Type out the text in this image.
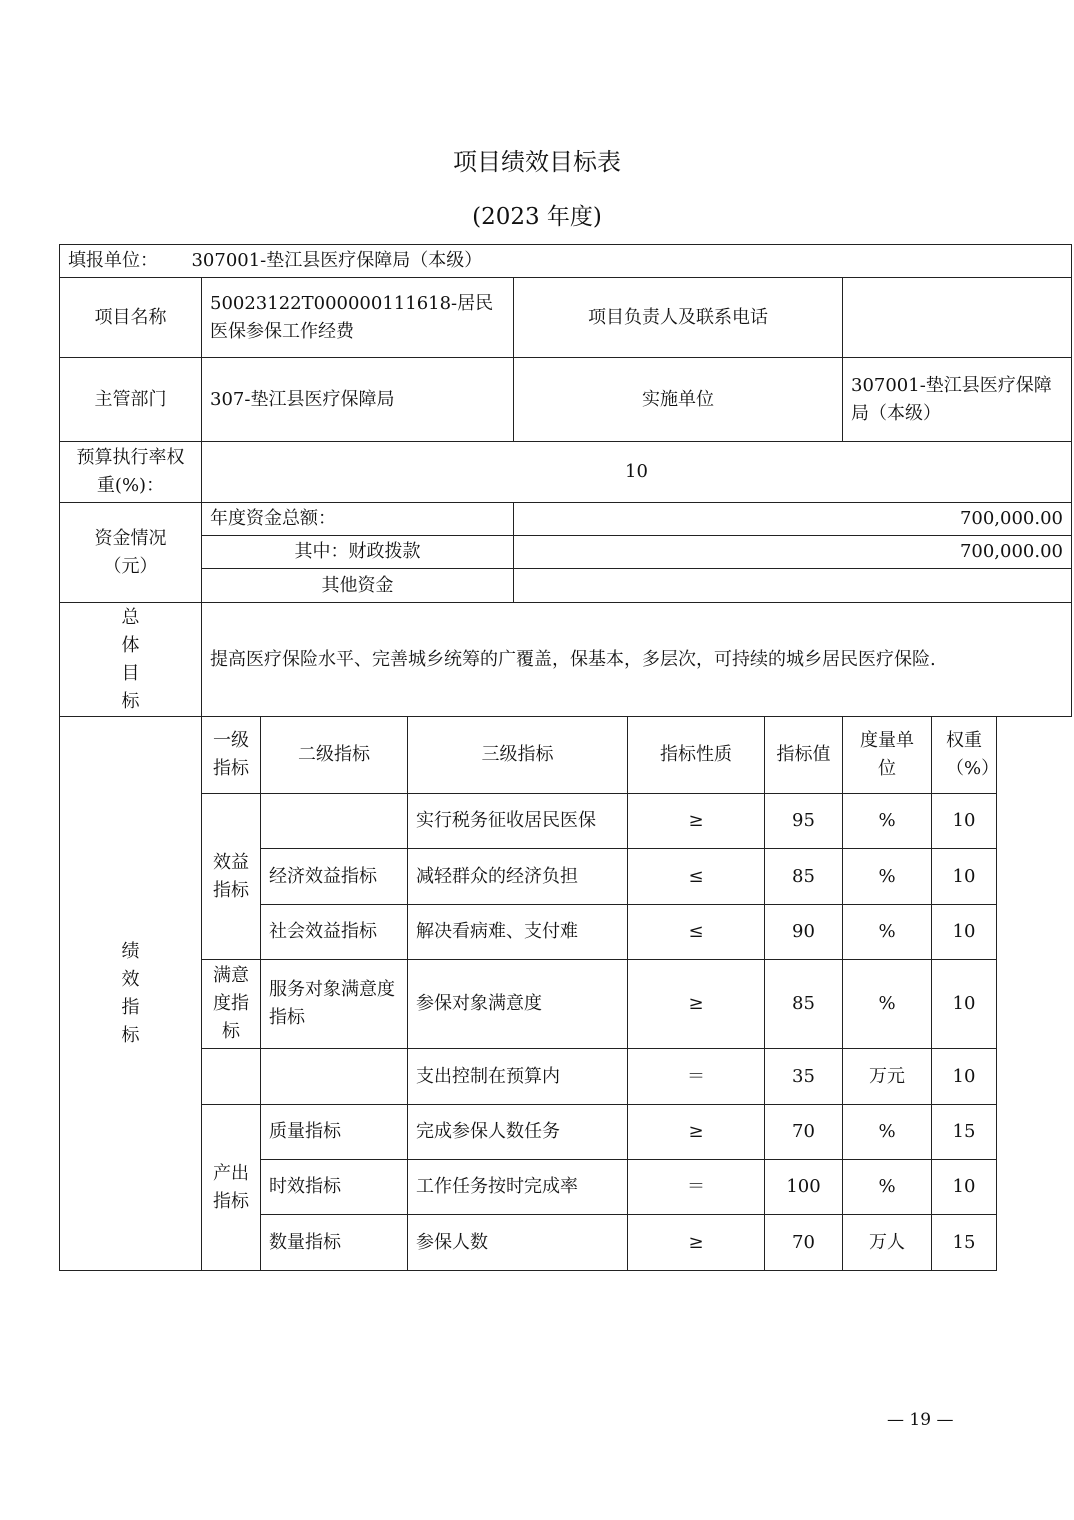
项目绩效目标表
(2023 年度)
填报单位： 307001-垫江县医疗保障局（本级）								
项目名称	50023122T000000111618-居民医保参保工作经费			项目负责人及联系电话				
主管部门	307-垫江县医疗保障局			实施单位			307001-垫江县医疗保障局（本级）	
预算执行率权重(%)：	10							
资金情况（元）	年度资金总额：			700,000.00				
	其中：财政拨款			700,000.00				
	其他资金							
总体目标	提高医疗保险水平、完善城乡统筹的广覆盖，保基本，多层次，可持续的城乡居民医疗保险.							
绩效指标	一级指标	二级指标	三级指标		指标性质	指标值	度量单位	权重（%）
	效益指标		实行税务征收居民医保		≥	95	%	10
		经济效益指标	减轻群众的经济负担		≤	85	%	10
		社会效益指标	解决看病难、支付难		≤	90	%	10
	满意度指标	服务对象满意度指标	参保对象满意度		≥	85	%	10
			支出控制在预算内		＝	35	万元	10
	产出指标	质量指标	完成参保人数任务		≥	70	%	15
		时效指标	工作任务按时完成率		＝	100	%	10
		数量指标	参保人数		≥	70	万人	15
— 19 —
